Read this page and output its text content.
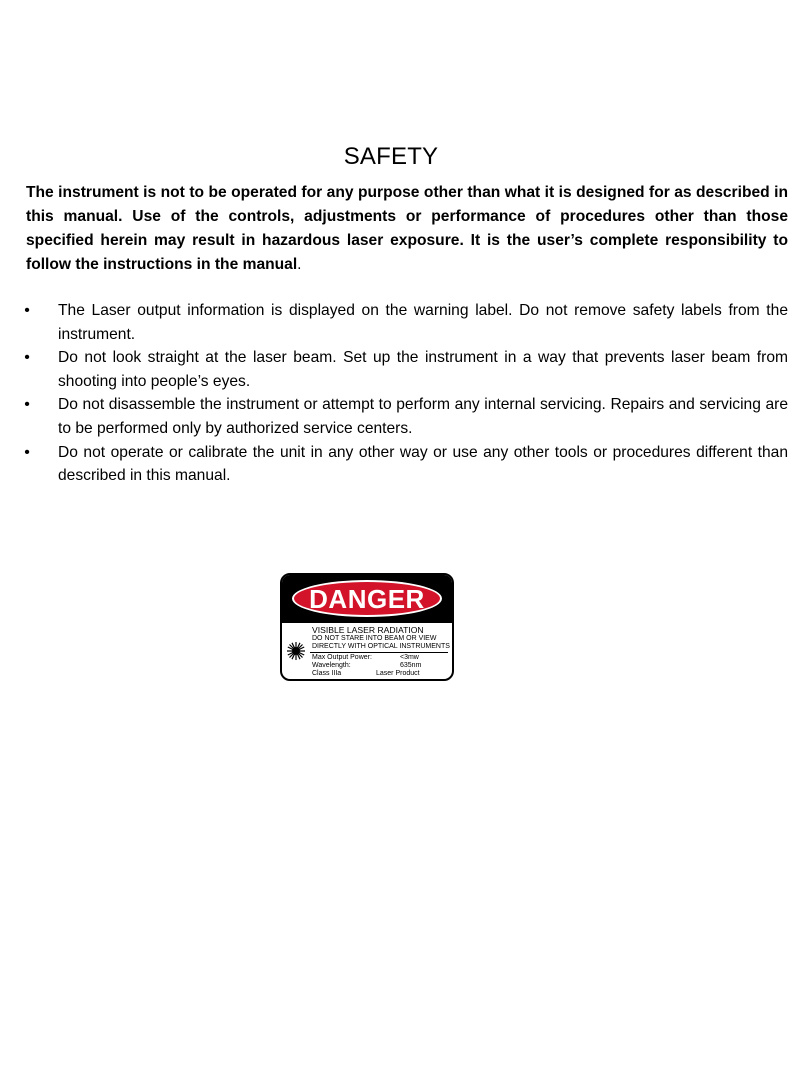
SAFETY
The instrument is not to be operated for any purpose other than what it is designed for as described in this manual. Use of the controls, adjustments or performance of procedures other than those specified herein may result in hazardous laser exposure. It is the user’s complete responsibility to follow the instructions in the manual.
• The Laser output information is displayed on the warning label. Do not remove safety labels from the instrument.
• Do not look straight at the laser beam. Set up the instrument in a way that prevents laser beam from shooting into people’s eyes.
• Do not disassemble the instrument or attempt to perform any internal servicing. Repairs and servicing are to be performed only by authorized service centers.
• Do not operate or calibrate the unit in any other way or use any other tools or procedures different than described in this manual.
DANGER
VISIBLE LASER RADIATION
DO NOT STARE INTO BEAM OR VIEW
DIRECTLY WITH OPTICAL INSTRUMENTS
Max Output Power:	<3mw
Wavelength:	635nm
Class IIIa	Laser Product
